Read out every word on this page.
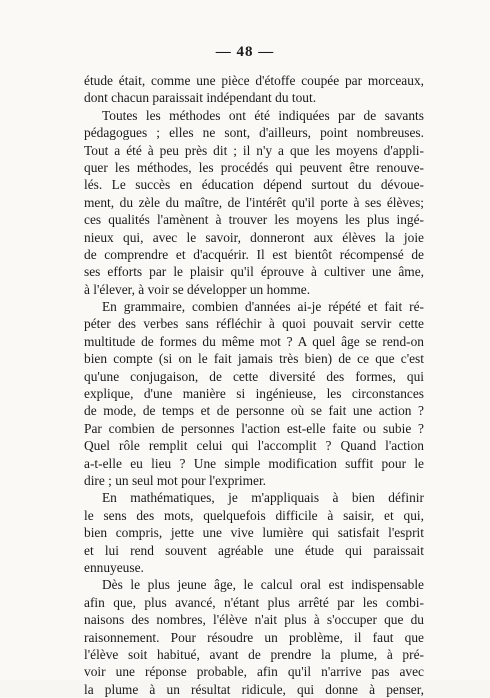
— 48 —
étude était, comme une pièce d'étoffe coupée par morceaux,
dont chacun paraissait indépendant du tout.
Toutes les méthodes ont été indiquées par de savants
pédagogues ; elles ne sont, d'ailleurs, point nombreuses.
Tout a été à peu près dit ; il n'y a que les moyens d'appli-
quer les méthodes, les procédés qui peuvent être renouve-
lés. Le succès en éducation dépend surtout du dévoue-
ment, du zèle du maître, de l'intérêt qu'il porte à ses élèves;
ces qualités l'amènent à trouver les moyens les plus ingé-
nieux qui, avec le savoir, donneront aux élèves la joie
de comprendre et d'acquérir. Il est bientôt récompensé de
ses efforts par le plaisir qu'il éprouve à cultiver une âme,
à l'élever, à voir se développer un homme.
En grammaire, combien d'années ai-je répété et fait ré-
péter des verbes sans réfléchir à quoi pouvait servir cette
multitude de formes du même mot ? A quel âge se rend-on
bien compte (si on le fait jamais très bien) de ce que c'est
qu'une conjugaison, de cette diversité des formes, qui
explique, d'une manière si ingénieuse, les circonstances
de mode, de temps et de personne où se fait une action ?
Par combien de personnes l'action est-elle faite ou subie ?
Quel rôle remplit celui qui l'accomplit ? Quand l'action
a-t-elle eu lieu ? Une simple modification suffit pour le
dire ; un seul mot pour l'exprimer.
En mathématiques, je m'appliquais à bien définir
le sens des mots, quelquefois difficile à saisir, et qui,
bien compris, jette une vive lumière qui satisfait l'esprit
et lui rend souvent agréable une étude qui paraissait
ennuyeuse.
Dès le plus jeune âge, le calcul oral est indispensable
afin que, plus avancé, n'étant plus arrêté par les combi-
naisons des nombres, l'élève n'ait plus à s'occuper que du
raisonnement. Pour résoudre un problème, il faut que
l'élève soit habitué, avant de prendre la plume, à pré-
voir une réponse probable, afin qu'il n'arrive pas avec
la plume à un résultat ridicule, qui donne à penser,
